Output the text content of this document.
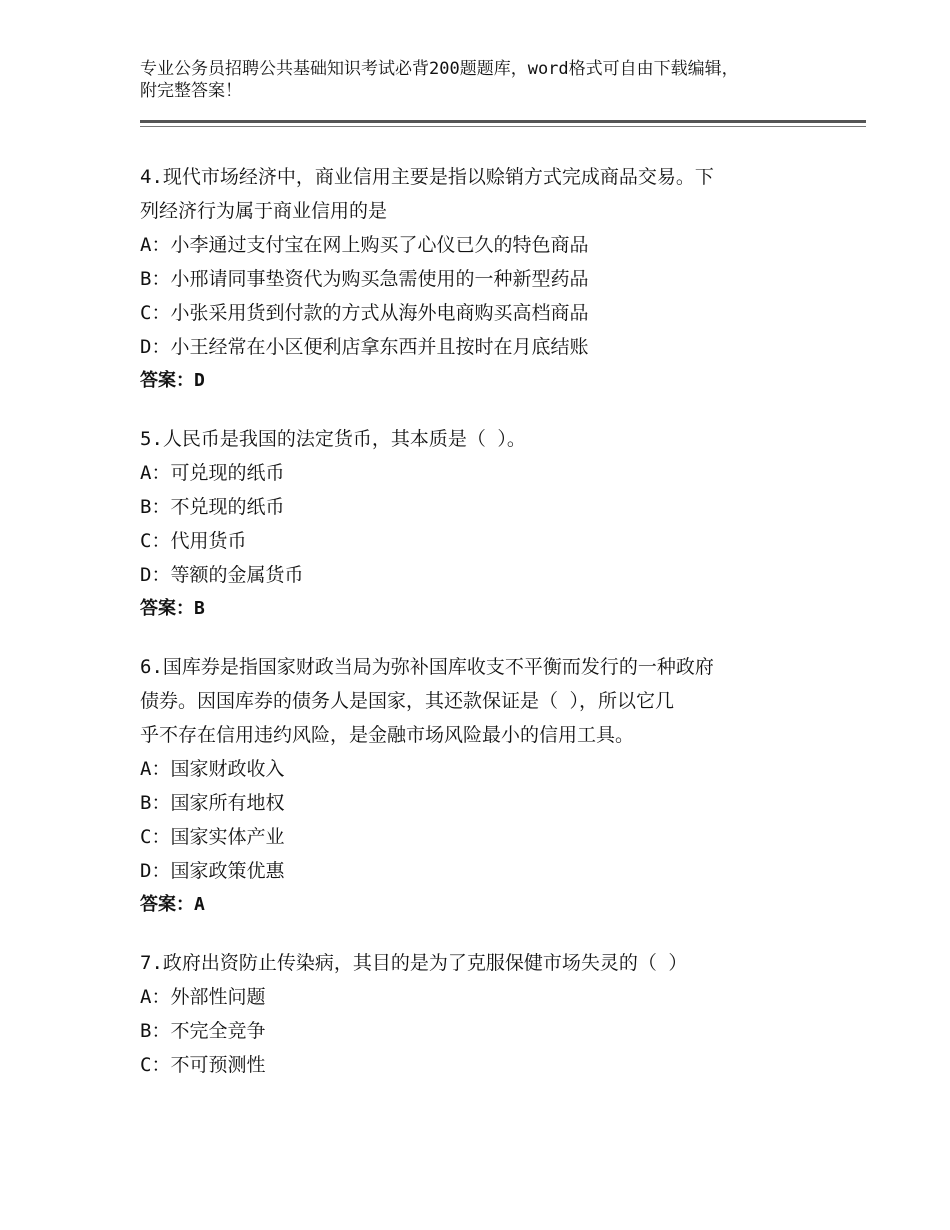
专业公务员招聘公共基础知识考试必背200题题库，word格式可自由下载编辑，
附完整答案！
4.现代市场经济中，商业信用主要是指以赊销方式完成商品交易。下
列经济行为属于商业信用的是
A：小李通过支付宝在网上购买了心仪已久的特色商品
B：小邢请同事垫资代为购买急需使用的一种新型药品
C：小张采用货到付款的方式从海外电商购买高档商品
D：小王经常在小区便利店拿东西并且按时在月底结账
答案：D
5.人民币是我国的法定货币，其本质是（ ）。
A：可兑现的纸币
B：不兑现的纸币
C：代用货币
D：等额的金属货币
答案：B
6.国库券是指国家财政当局为弥补国库收支不平衡而发行的一种政府
债券。因国库券的债务人是国家，其还款保证是（ ），所以它几
乎不存在信用违约风险，是金融市场风险最小的信用工具。
A：国家财政收入
B：国家所有地权
C：国家实体产业
D：国家政策优惠
答案：A
7.政府出资防止传染病，其目的是为了克服保健市场失灵的（ ）
A：外部性问题
B：不完全竞争
C：不可预测性
